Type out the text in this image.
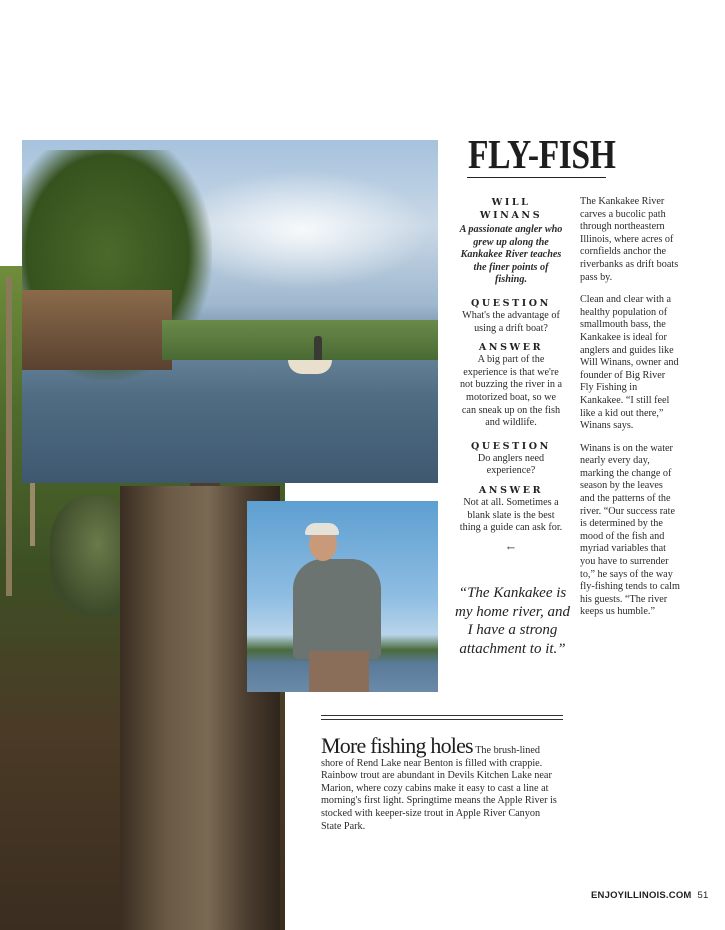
FLY-FISH
WILL
WINANS
A passionate angler who grew up along the Kankakee River teaches the finer points of fishing.
QUESTION
What's the advantage of using a drift boat?
ANSWER
A big part of the experience is that we're not buzzing the river in a motorized boat, so we can sneak up on the fish and wildlife.
QUESTION
Do anglers need experience?
ANSWER
Not at all. Sometimes a blank slate is the best thing a guide can ask for.
←
“The Kankakee is my home river, and I have a strong attachment to it.”

The Kankakee River carves a bucolic path through northeastern Illinois, where acres of cornfields anchor the riverbanks as drift boats pass by.

Clean and clear with a healthy population of smallmouth bass, the Kankakee is ideal for anglers and guides like Will Winans, owner and founder of Big River Fly Fishing in Kankakee. “I still feel like a kid out there,” Winans says.

Winans is on the water nearly every day, marking the change of season by the leaves and the patterns of the river. “Our success rate is determined by the mood of the fish and myriad variables that you have to surrender to,” he says of the way fly-fishing tends to calm his guests. “The river keeps us humble.”

More fishing holes The brush-lined shore of Rend Lake near Benton is filled with crappie. Rainbow trout are abundant in Devils Kitchen Lake near Marion, where cozy cabins make it easy to cast a line at morning's first light. Springtime means the Apple River is stocked with keeper-size trout in Apple River Canyon State Park.
ENJOYILLINOIS.COM 51
